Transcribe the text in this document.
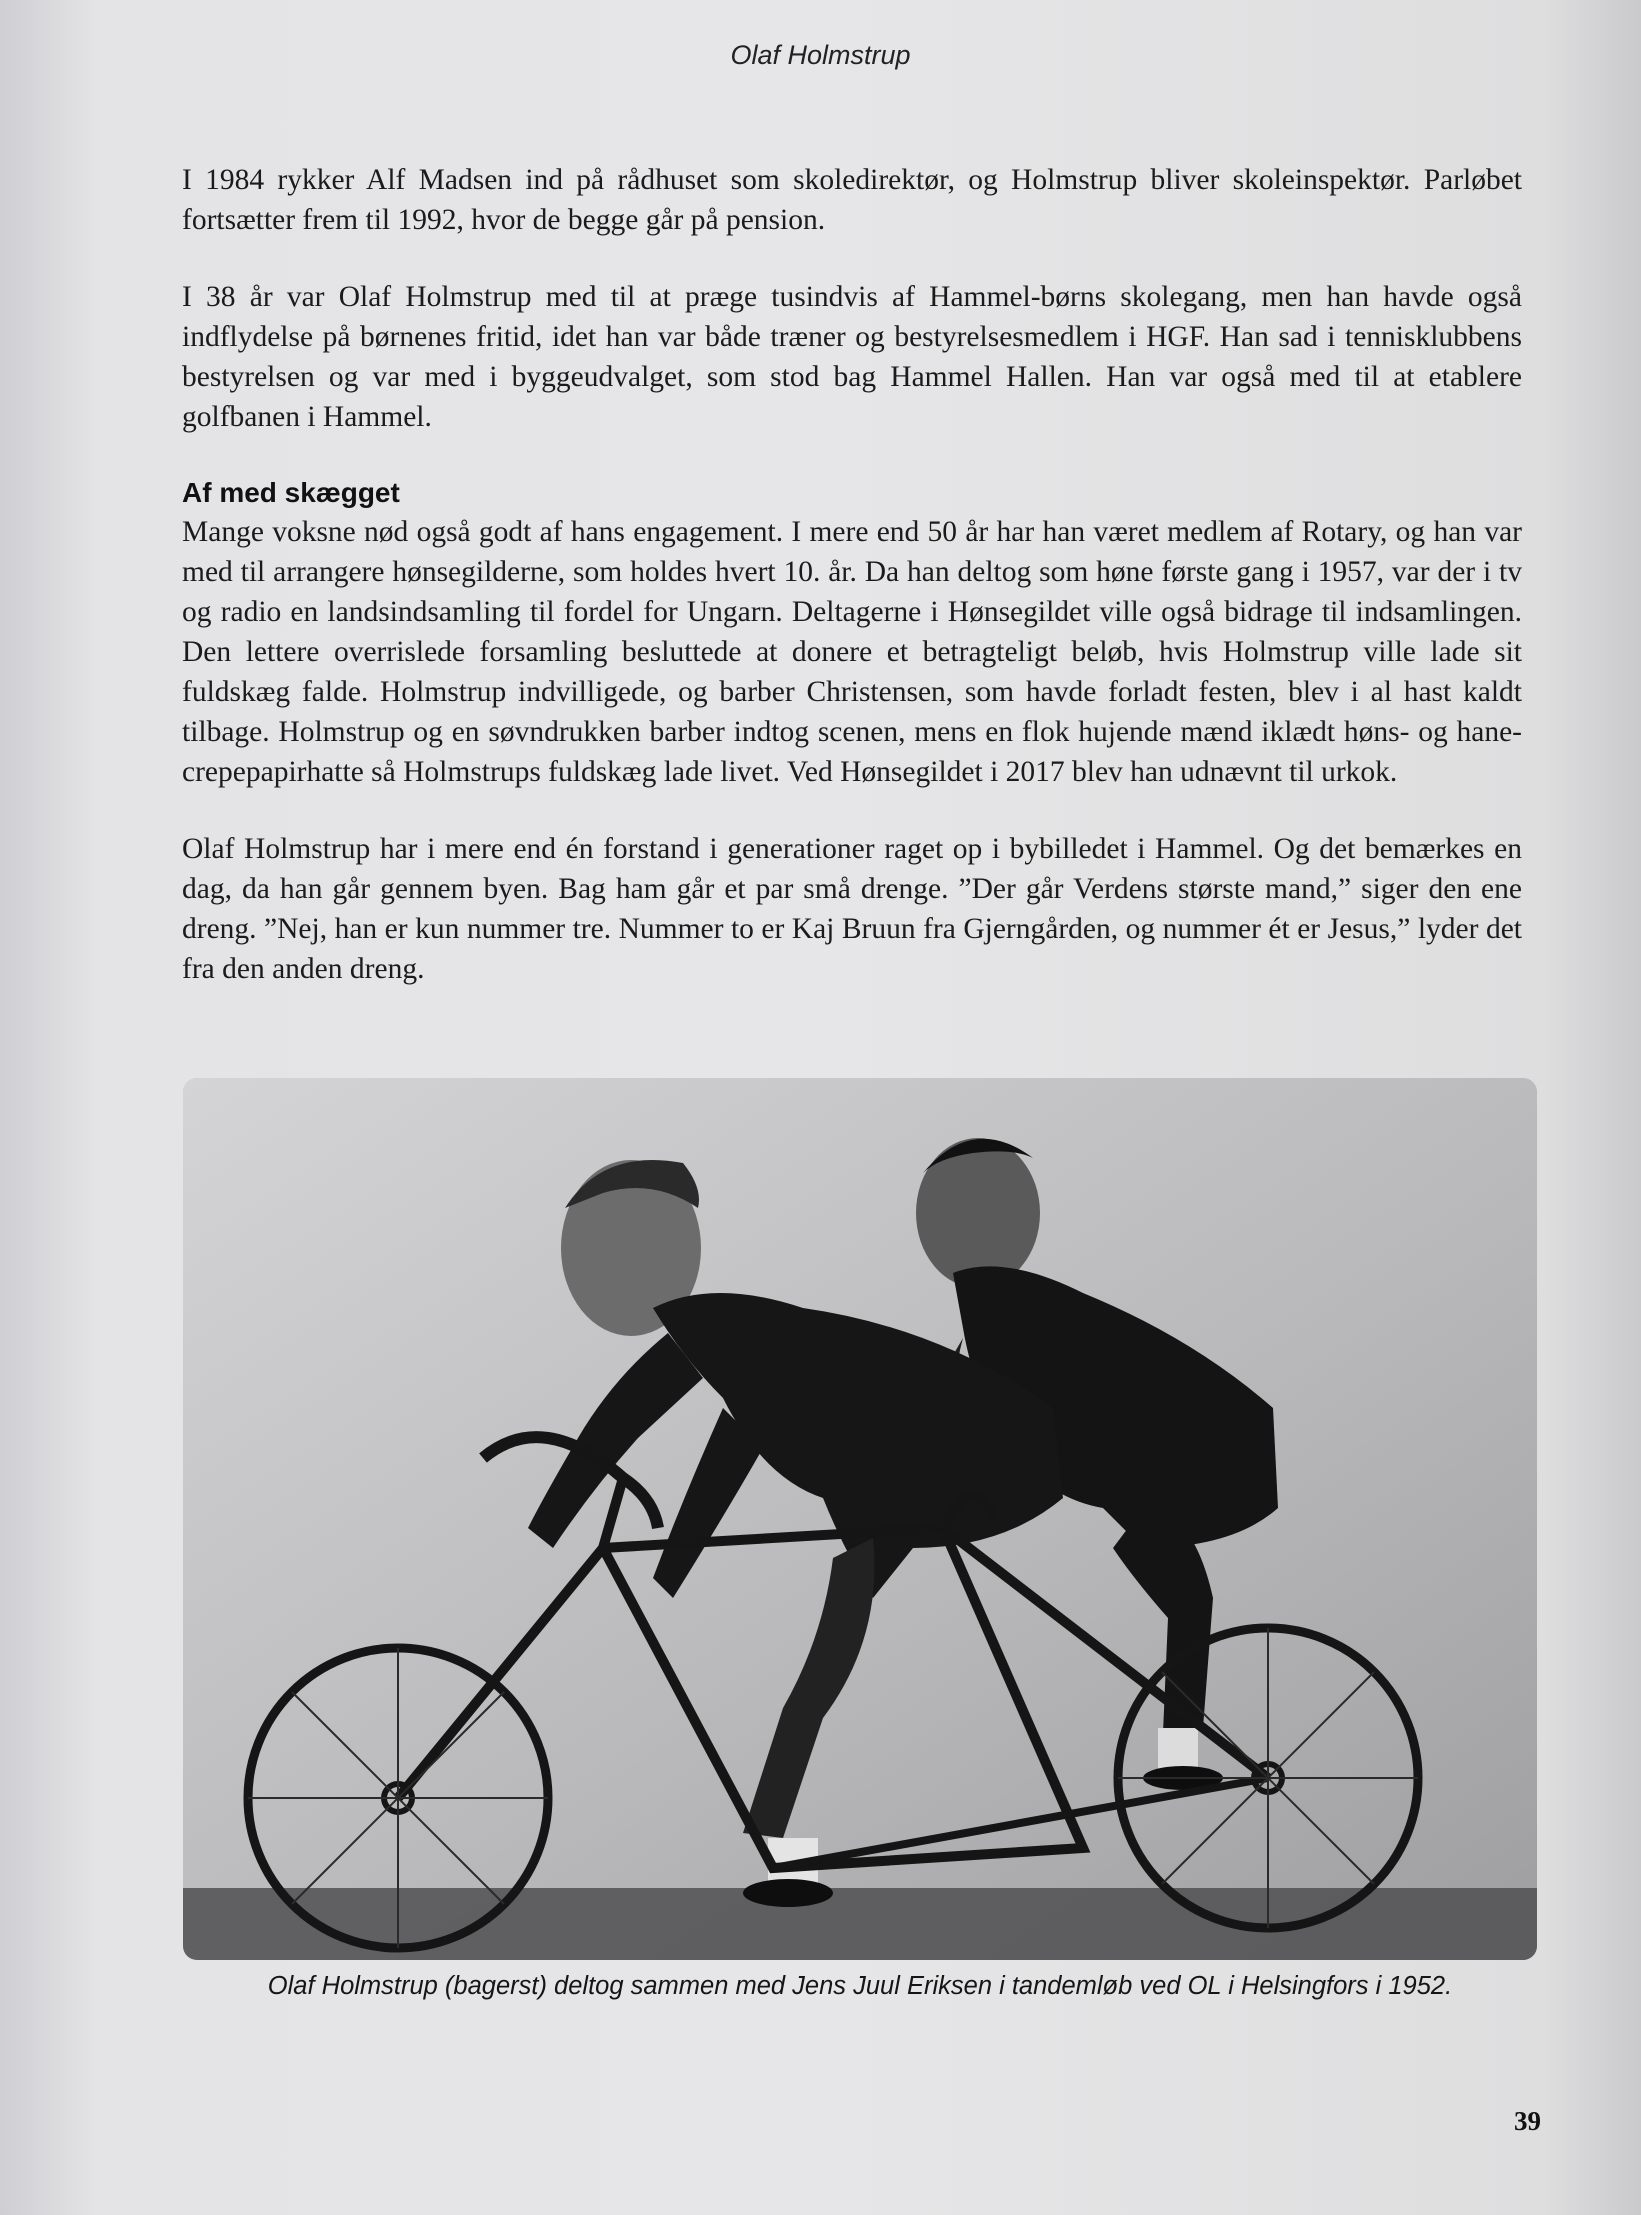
Olaf Holmstrup

I 1984 rykker Alf Madsen ind på rådhuset som skoledirektør, og Holmstrup bliver skoleinspektør. Parløbet fortsætter frem til 1992, hvor de begge går på pension.

I 38 år var Olaf Holmstrup med til at præge tusindvis af Hammel-børns skolegang, men han havde også indflydelse på børnenes fritid, idet han var både træner og bestyrelsesmedlem i HGF. Han sad i tennisklubbens bestyrelsen og var med i byggeudvalget, som stod bag Hammel Hallen. Han var også med til at etablere golfbanen i Hammel.

Af med skægget

Mange voksne nød også godt af hans engagement. I mere end 50 år har han været medlem af Rotary, og han var med til arrangere hønsegilderne, som holdes hvert 10. år. Da han deltog som høne første gang i 1957, var der i tv og radio en landsindsamling til fordel for Ungarn. Deltagerne i Hønsegildet ville også bidrage til indsamlingen. Den lettere overrislede forsamling besluttede at donere et betragteligt beløb, hvis Holmstrup ville lade sit fuldskæg falde. Holmstrup indvilligede, og barber Christensen, som havde forladt festen, blev i al hast kaldt tilbage. Holmstrup og en søvndrukken barber indtog scenen, mens en flok hujende mænd iklædt høns- og hane-crepepapirhatte så Holmstrups fuldskæg lade livet. Ved Hønsegildet i 2017 blev han udnævnt til urkok.

Olaf Holmstrup har i mere end én forstand i generationer raget op i bybilledet i Hammel. Og det bemærkes en dag, da han går gennem byen. Bag ham går et par små drenge. ”Der går Verdens største mand,” siger den ene dreng. ”Nej, han er kun nummer tre. Nummer to er Kaj Bruun fra Gjerngården, og nummer ét er Jesus,” lyder det fra den anden dreng.

Olaf Holmstrup (bagerst) deltog sammen med Jens Juul Eriksen i tandemløb ved OL i Helsingfors i 1952.
39
